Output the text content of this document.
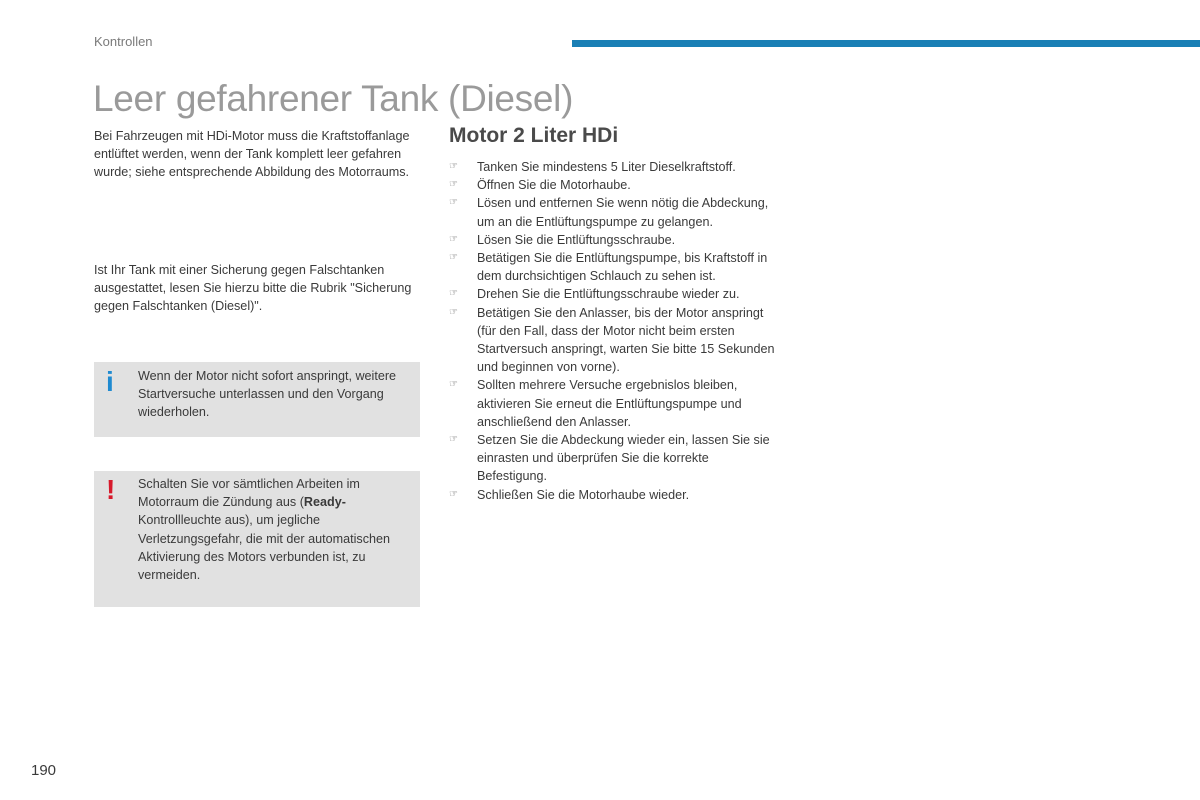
Kontrollen
Leer gefahrener Tank (Diesel)

Bei Fahrzeugen mit HDi-Motor muss die Kraftstoffanlage entlüftet werden, wenn der Tank komplett leer gefahren wurde; siehe entsprechende Abbildung des Motorraums.

Ist Ihr Tank mit einer Sicherung gegen Falschtanken ausgestattet, lesen Sie hierzu bitte die Rubrik "Sicherung gegen Falschtanken (Diesel)".

i Wenn der Motor nicht sofort anspringt, weitere Startversuche unterlassen und den Vorgang wiederholen.
! Schalten Sie vor sämtlichen Arbeiten im Motorraum die Zündung aus (Ready-Kontrollleuchte aus), um jegliche Verletzungsgefahr, die mit der automatischen Aktivierung des Motors verbunden ist, zu vermeiden.
Motor 2 Liter HDi
☞ Tanken Sie mindestens 5 Liter Dieselkraftstoff.
☞ Öffnen Sie die Motorhaube.
☞ Lösen und entfernen Sie wenn nötig die Abdeckung, um an die Entlüftungspumpe zu gelangen.
☞ Lösen Sie die Entlüftungsschraube.
☞ Betätigen Sie die Entlüftungspumpe, bis Kraftstoff in dem durchsichtigen Schlauch zu sehen ist.
☞ Drehen Sie die Entlüftungsschraube wieder zu.
☞ Betätigen Sie den Anlasser, bis der Motor anspringt (für den Fall, dass der Motor nicht beim ersten Startversuch anspringt, warten Sie bitte 15 Sekunden und beginnen von vorne).
☞ Sollten mehrere Versuche ergebnislos bleiben, aktivieren Sie erneut die Entlüftungspumpe und anschließend den Anlasser.
☞ Setzen Sie die Abdeckung wieder ein, lassen Sie sie einrasten und überprüfen Sie die korrekte Befestigung.
☞ Schließen Sie die Motorhaube wieder.
190
